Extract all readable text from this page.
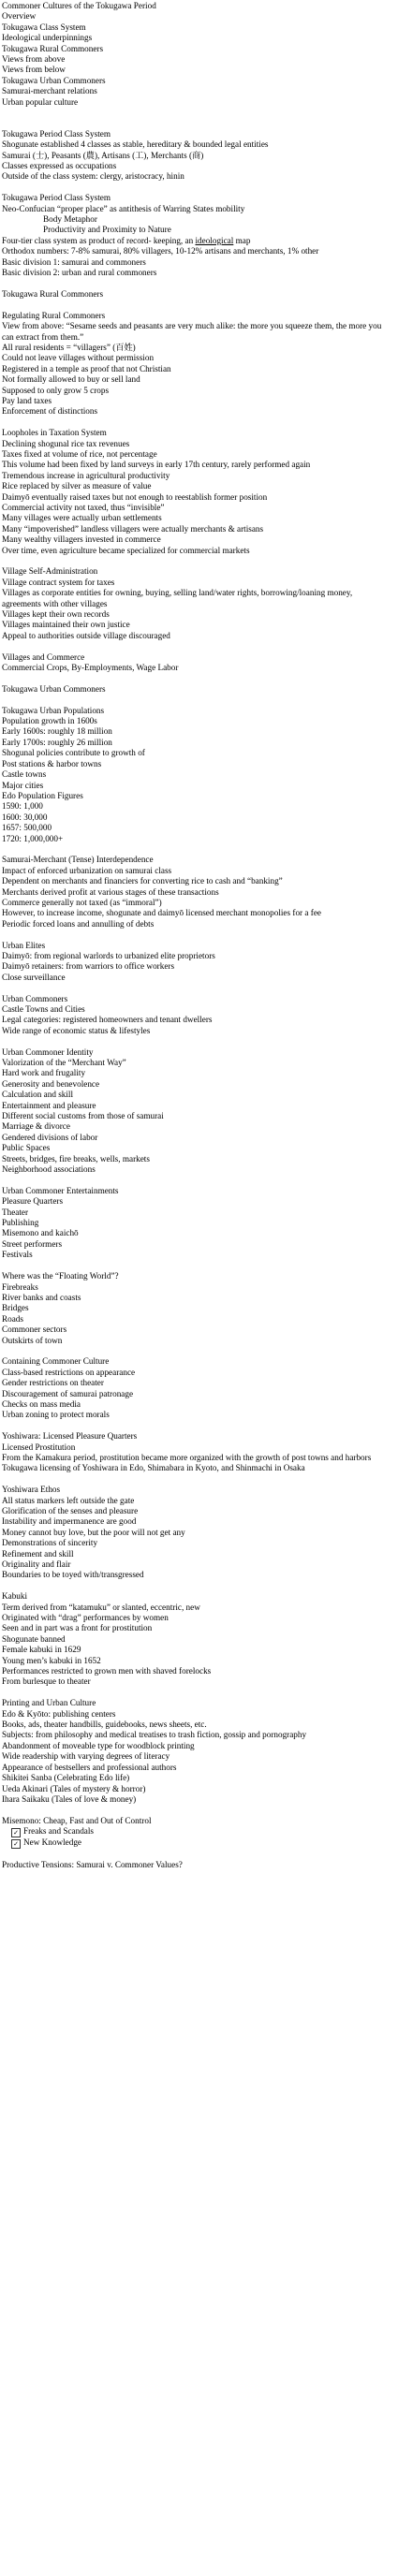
Commoner Cultures of the Tokugawa Period
Overview
Tokugawa Class System
Ideological underpinnings
Tokugawa Rural Commoners
Views from above
Views from below
Tokugawa Urban Commoners
Samurai-merchant relations
Urban popular culture
Tokugawa Period Class System
Shogunate established 4 classes as stable, hereditary & bounded legal entities
Samurai (士), Peasants (農), Artisans (工), Merchants (商)
Classes expressed as occupations
Outside of the class system: clergy, aristocracy, hinin
Tokugawa Period Class System
Neo-Confucian “proper place” as antithesis of Warring States mobility
Body Metaphor
Productivity and Proximity to Nature
Four-tier class system as product of record- keeping, an ideological map
Orthodox numbers: 7-8% samurai, 80% villagers, 10-12% artisans and merchants, 1% other
Basic division 1: samurai and commoners
Basic division 2: urban and rural commoners
Tokugawa Rural Commoners
Regulating Rural Commoners
View from above: “Sesame seeds and peasants are very much alike: the more you squeeze them, the more you can extract from them.”
All rural residents = “villagers” (百姓)
Could not leave villages without permission
Registered in a temple as proof that not Christian
Not formally allowed to buy or sell land
Supposed to only grow 5 crops
Pay land taxes
Enforcement of distinctions
Loopholes in Taxation System
Declining shogunal rice tax revenues
Taxes fixed at volume of rice, not percentage
This volume had been fixed by land surveys in early 17th century, rarely performed again
Tremendous increase in agricultural productivity
Rice replaced by silver as measure of value
Daimyō eventually raised taxes but not enough to reestablish former position
Commercial activity not taxed, thus “invisible”
Many villages were actually urban settlements
Many “impoverished” landless villagers were actually merchants & artisans
Many wealthy villagers invested in commerce
Over time, even agriculture became specialized for commercial markets
Village Self-Administration
Village contract system for taxes
Villages as corporate entities for owning, buying, selling land/water rights, borrowing/loaning money, agreements with other villages
Villages kept their own records
Villages maintained their own justice
Appeal to authorities outside village discouraged
Villages and Commerce
Commercial Crops, By-Employments, Wage Labor
Tokugawa Urban Commoners
Tokugawa Urban Populations
Population growth in 1600s
Early 1600s: roughly 18 million
Early 1700s: roughly 26 million
Shogunal policies contribute to growth of
Post stations & harbor towns
Castle towns
Major cities
Edo Population Figures
1590: 1,000
1600: 30,000
1657: 500,000
1720: 1,000,000+
Samurai-Merchant (Tense) Interdependence
Impact of enforced urbanization on samurai class
Dependent on merchants and financiers for converting rice to cash and “banking”
Merchants derived profit at various stages of these transactions
Commerce generally not taxed (as “immoral”)
However, to increase income, shogunate and daimyō licensed merchant monopolies for a fee
Periodic forced loans and annulling of debts
Urban Elites
Daimyō: from regional warlords to urbanized elite proprietors
Daimyō retainers: from warriors to office workers
Close surveillance
Urban Commoners
Castle Towns and Cities
Legal categories: registered homeowners and tenant dwellers
Wide range of economic status & lifestyles
Urban Commoner Identity
Valorization of the “Merchant Way”
Hard work and frugality
Generosity and benevolence
Calculation and skill
Entertainment and pleasure
Different social customs from those of samurai
Marriage & divorce
Gendered divisions of labor
Public Spaces
Streets, bridges, fire breaks, wells, markets
Neighborhood associations
Urban Commoner Entertainments
Pleasure Quarters
Theater
Publishing
Misemono and kaichō
Street performers
Festivals
Where was the “Floating World”?
Firebreaks
River banks and coasts
Bridges
Roads
Commoner sectors
Outskirts of town
Containing Commoner Culture
Class-based restrictions on appearance
Gender restrictions on theater
Discouragement of samurai patronage
Checks on mass media
Urban zoning to protect morals
Yoshiwara: Licensed Pleasure Quarters
Licensed Prostitution
From the Kamakura period, prostitution became more organized with the growth of post towns and harbors
Tokugawa licensing of Yoshiwara in Edo, Shimabara in Kyoto, and Shinmachi in Osaka
Yoshiwara Ethos
All status markers left outside the gate
Glorification of the senses and pleasure
Instability and impermanence are good
Money cannot buy love, but the poor will not get any
Demonstrations of sincerity
Refinement and skill
Originality and flair
Boundaries to be toyed with/transgressed
Kabuki
Term derived from “katamuku” or slanted, eccentric, new
Originated with “drag” performances by women
Seen and in part was a front for prostitution
Shogunate banned
Female kabuki in 1629
Young men’s kabuki in 1652
Performances restricted to grown men with shaved forelocks
From burlesque to theater
Printing and Urban Culture
Edo & Kyōto: publishing centers
Books, ads, theater handbills, guidebooks, news sheets, etc.
Subjects: from philosophy and medical treatises to trash fiction, gossip and pornography
Abandonment of moveable type for woodblock printing
Wide readership with varying degrees of literacy
Appearance of bestsellers and professional authors
Shikitei Sanba (Celebrating Edo life)
Ueda Akinari (Tales of mystery & horror)
Ihara Saikaku (Tales of love & money)
Misemono: Cheap, Fast and Out of Control
✓ Freaks and Scandals
✓ New Knowledge
Productive Tensions: Samurai v. Commoner Values?
